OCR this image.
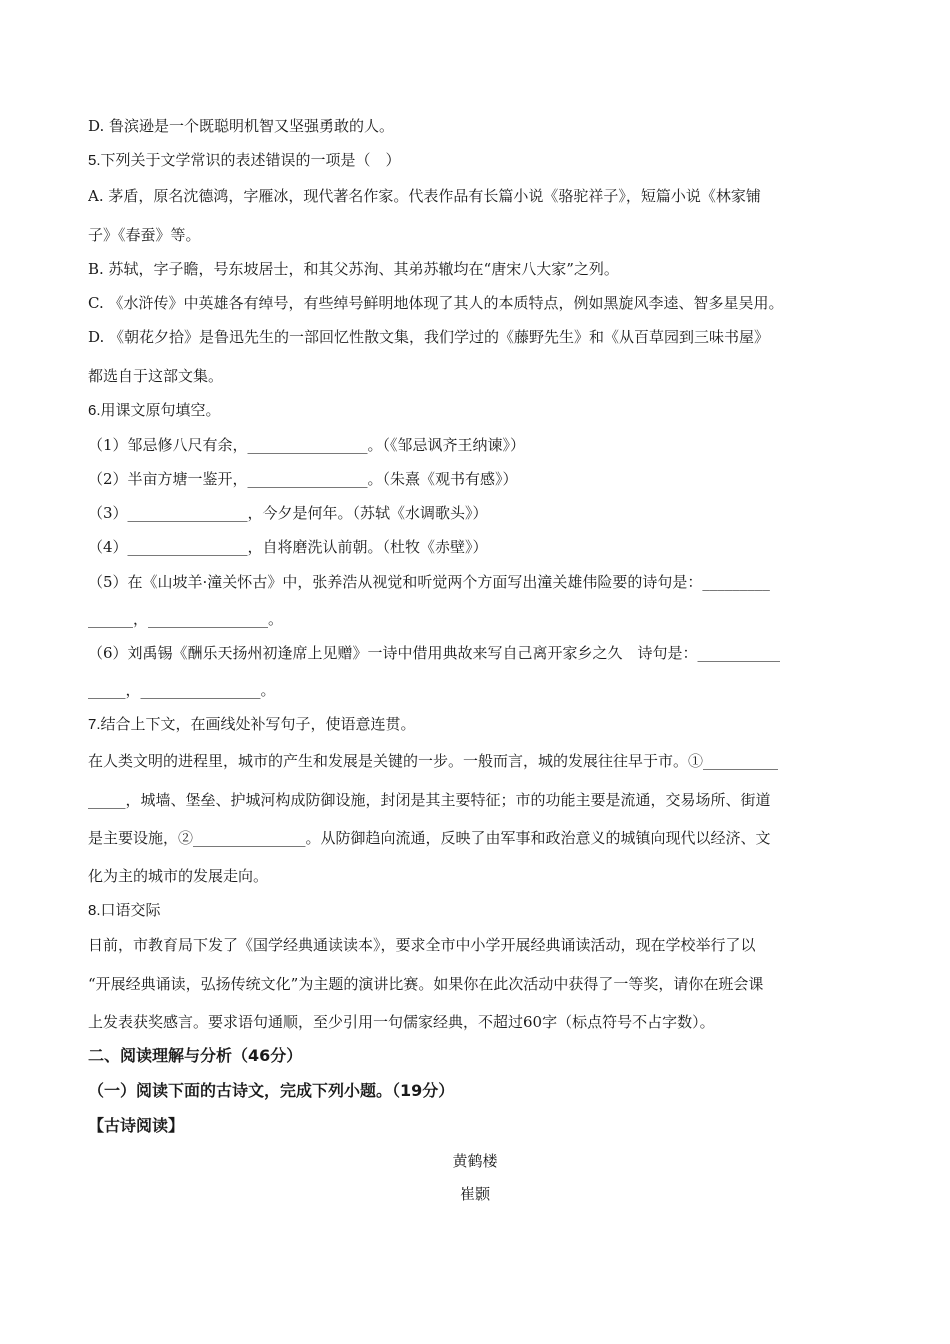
D. 鲁滨逊是一个既聪明机智又坚强勇敢的人。
5.下列关于文学常识的表述错误的一项是（　）
A. 茅盾，原名沈德鸿，字雁冰，现代著名作家。代表作品有长篇小说《骆驼祥子》，短篇小说《林家铺
子》《春蚕》等。
B. 苏轼，字子瞻，号东坡居士，和其父苏洵、其弟苏辙均在“唐宋八大家”之列。
C. 《水浒传》中英雄各有绰号，有些绰号鲜明地体现了其人的本质特点，例如黑旋风李逵、智多星吴用。
D. 《朝花夕拾》是鲁迅先生的一部回忆性散文集，我们学过的《藤野先生》和《从百草园到三味书屋》
都选自于这部文集。
6.用课文原句填空。
（1）邹忌修八尺有余，________________。（《邹忌讽齐王纳谏》）
（2）半亩方塘一鉴开，________________。（朱熹《观书有感》）
（3）________________，今夕是何年。（苏轼《水调歌头》）
（4）________________，自将磨洗认前朝。（杜牧《赤壁》）
（5）在《山坡羊·潼关怀古》中，张养浩从视觉和听觉两个方面写出潼关雄伟险要的诗句是：_________
______，________________。
（6）刘禹锡《酬乐天扬州初逢席上见赠》一诗中借用典故来写自己离开家乡之久　诗句是：___________
_____，________________。
7.结合上下文，在画线处补写句子，使语意连贯。
在人类文明的进程里，城市的产生和发展是关键的一步。一般而言，城的发展往往早于市。①__________
_____，城墙、堡垒、护城河构成防御设施，封闭是其主要特征；市的功能主要是流通，交易场所、街道
是主要设施，②_______________。从防御趋向流通，反映了由军事和政治意义的城镇向现代以经济、文
化为主的城市的发展走向。
8.口语交际
日前，市教育局下发了《国学经典通读读本》，要求全市中小学开展经典诵读活动，现在学校举行了以
“开展经典诵读，弘扬传统文化”为主题的演讲比赛。如果你在此次活动中获得了一等奖，请你在班会课
上发表获奖感言。要求语句通顺，至少引用一句儒家经典，不超过60字（标点符号不占字数）。
二、阅读理解与分析（46分）
（一）阅读下面的古诗文，完成下列小题。（19分）
【古诗阅读】
黄鹤楼
崔颢
